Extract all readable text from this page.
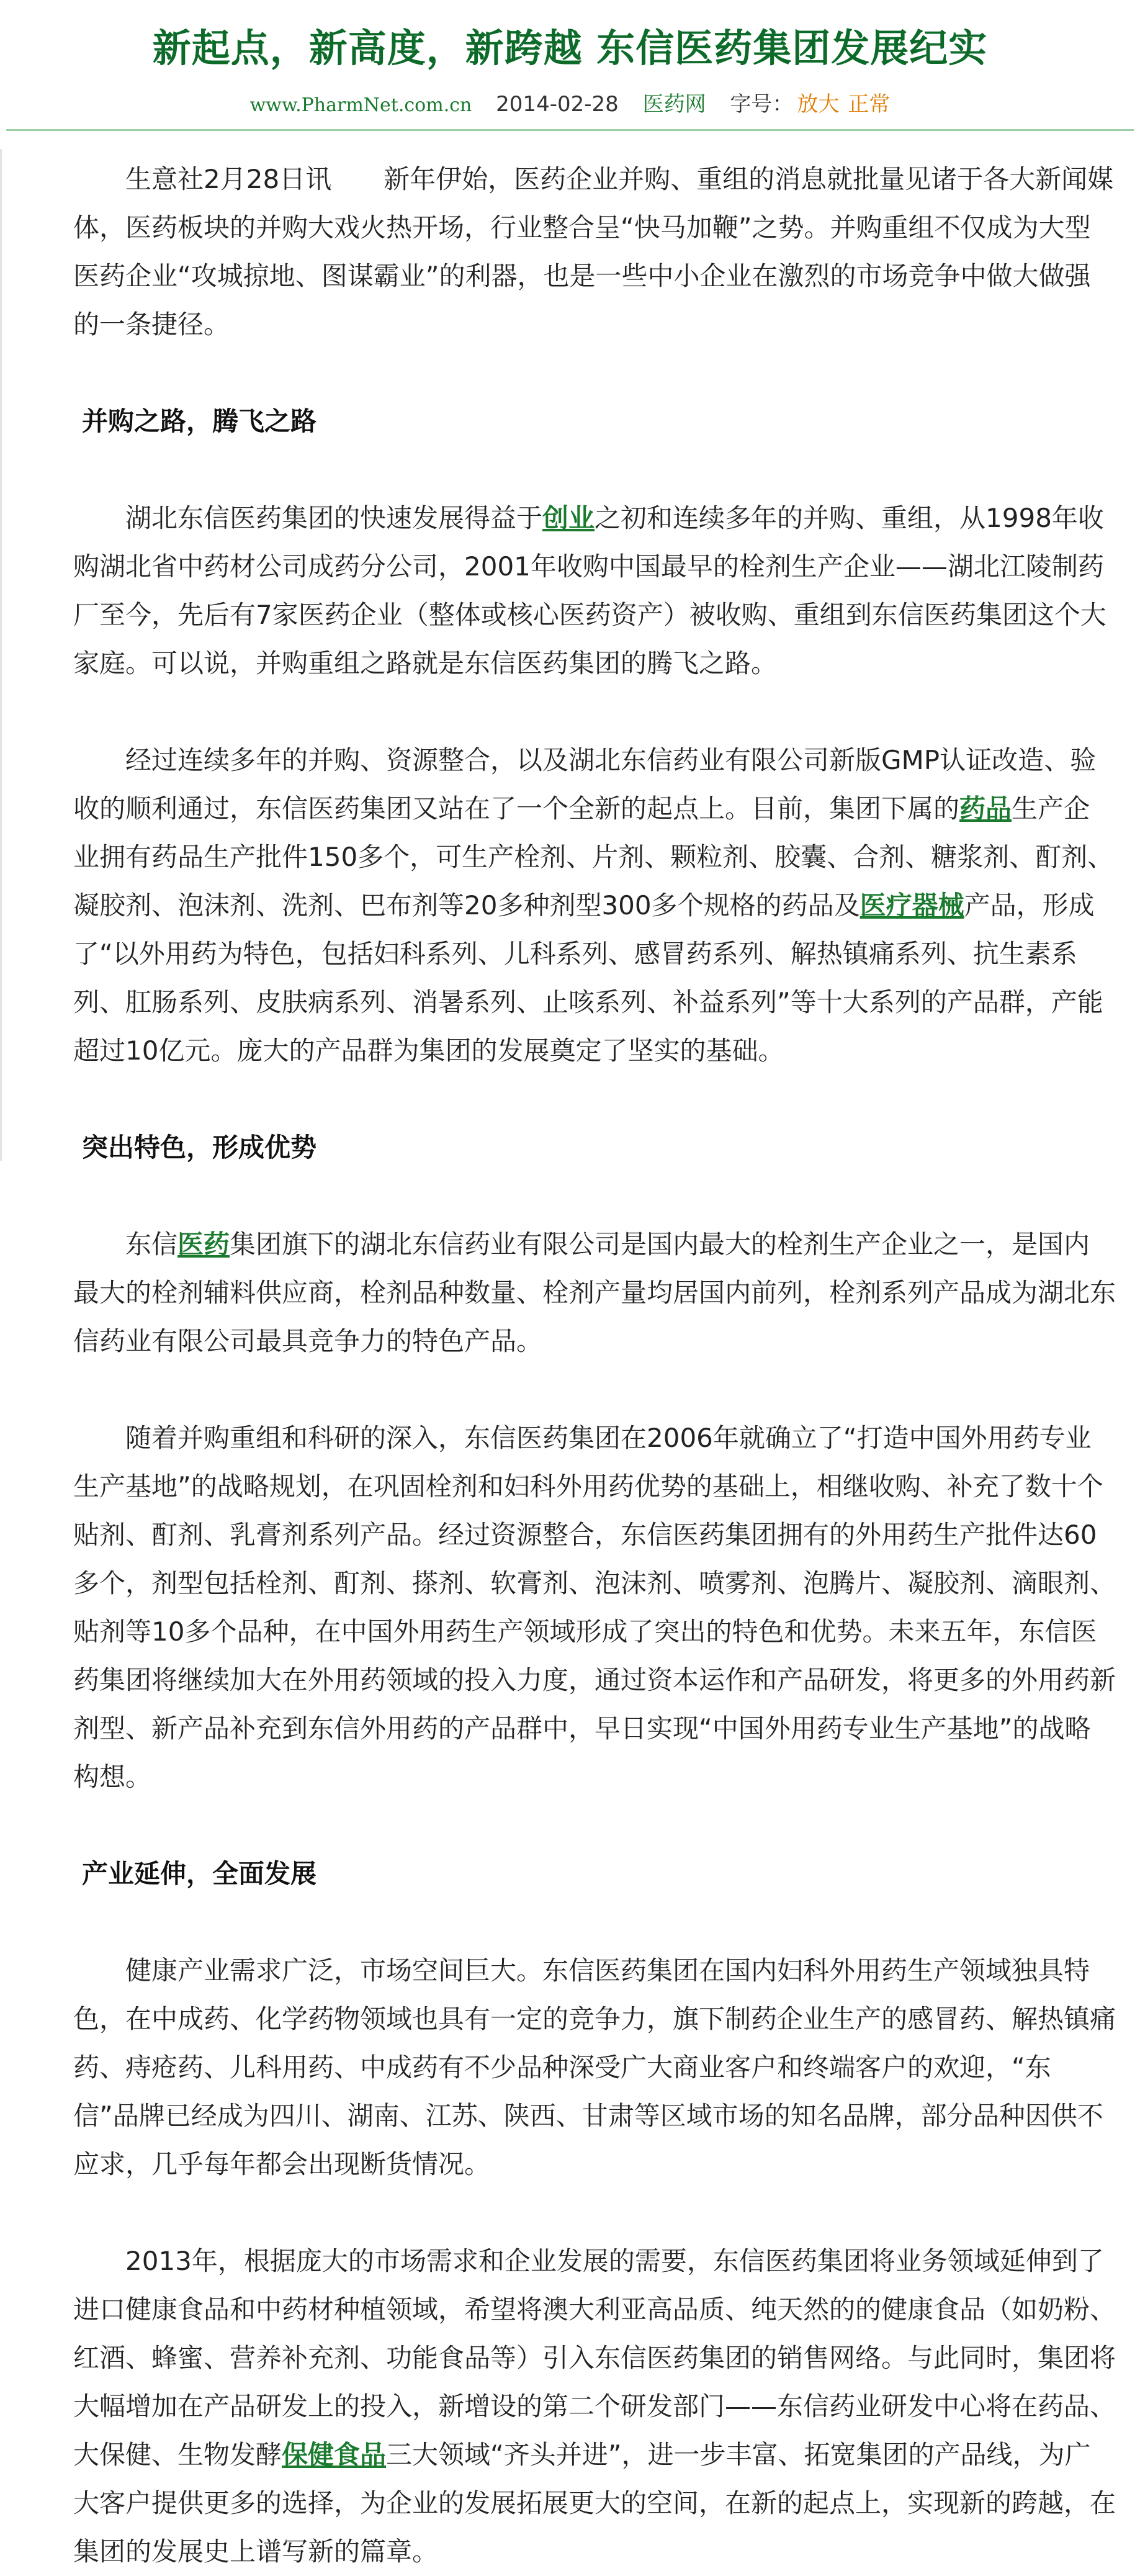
新起点，新高度，新跨越 东信医药集团发展纪实
www.PharmNet.com.cn 2014-02-28 医药网 字号： 放大 正常

生意社2月28日讯　　新年伊始，医药企业并购、重组的消息就批量见诸于各大新闻媒体，医药板块的并购大戏火热开场，行业整合呈“快马加鞭”之势。并购重组不仅成为大型医药企业“攻城掠地、图谋霸业”的利器，也是一些中小企业在激烈的市场竞争中做大做强的一条捷径。

并购之路，腾飞之路

湖北东信医药集团的快速发展得益于创业之初和连续多年的并购、重组，从1998年收购湖北省中药材公司成药分公司，2001年收购中国最早的栓剂生产企业——湖北江陵制药厂至今，先后有7家医药企业（整体或核心医药资产）被收购、重组到东信医药集团这个大家庭。可以说，并购重组之路就是东信医药集团的腾飞之路。

经过连续多年的并购、资源整合，以及湖北东信药业有限公司新版GMP认证改造、验收的顺利通过，东信医药集团又站在了一个全新的起点上。目前，集团下属的药品生产企业拥有药品生产批件150多个，可生产栓剂、片剂、颗粒剂、胶囊、合剂、糖浆剂、酊剂、凝胶剂、泡沫剂、洗剂、巴布剂等20多种剂型300多个规格的药品及医疗器械产品，形成了“以外用药为特色，包括妇科系列、儿科系列、感冒药系列、解热镇痛系列、抗生素系列、肛肠系列、皮肤病系列、消暑系列、止咳系列、补益系列”等十大系列的产品群，产能超过10亿元。庞大的产品群为集团的发展奠定了坚实的基础。

突出特色，形成优势

东信医药集团旗下的湖北东信药业有限公司是国内最大的栓剂生产企业之一，是国内最大的栓剂辅料供应商，栓剂品种数量、栓剂产量均居国内前列，栓剂系列产品成为湖北东信药业有限公司最具竞争力的特色产品。

随着并购重组和科研的深入，东信医药集团在2006年就确立了“打造中国外用药专业生产基地”的战略规划，在巩固栓剂和妇科外用药优势的基础上，相继收购、补充了数十个贴剂、酊剂、乳膏剂系列产品。经过资源整合，东信医药集团拥有的外用药生产批件达60多个，剂型包括栓剂、酊剂、搽剂、软膏剂、泡沫剂、喷雾剂、泡腾片、凝胶剂、滴眼剂、贴剂等10多个品种，在中国外用药生产领域形成了突出的特色和优势。未来五年，东信医药集团将继续加大在外用药领域的投入力度，通过资本运作和产品研发，将更多的外用药新剂型、新产品补充到东信外用药的产品群中，早日实现“中国外用药专业生产基地”的战略构想。

产业延伸，全面发展

健康产业需求广泛，市场空间巨大。东信医药集团在国内妇科外用药生产领域独具特色，在中成药、化学药物领域也具有一定的竞争力，旗下制药企业生产的感冒药、解热镇痛药、痔疮药、儿科用药、中成药有不少品种深受广大商业客户和终端客户的欢迎，“东信”品牌已经成为四川、湖南、江苏、陕西、甘肃等区域市场的知名品牌，部分品种因供不应求，几乎每年都会出现断货情况。

2013年，根据庞大的市场需求和企业发展的需要，东信医药集团将业务领域延伸到了进口健康食品和中药材种植领域，希望将澳大利亚高品质、纯天然的的健康食品（如奶粉、红酒、蜂蜜、营养补充剂、功能食品等）引入东信医药集团的销售网络。与此同时，集团将大幅增加在产品研发上的投入，新增设的第二个研发部门——东信药业研发中心将在药品、大保健、生物发酵保健食品三大领域“齐头并进”，进一步丰富、拓宽集团的产品线，为广大客户提供更多的选择，为企业的发展拓展更大的空间，在新的起点上，实现新的跨越，在集团的发展史上谱写新的篇章。
